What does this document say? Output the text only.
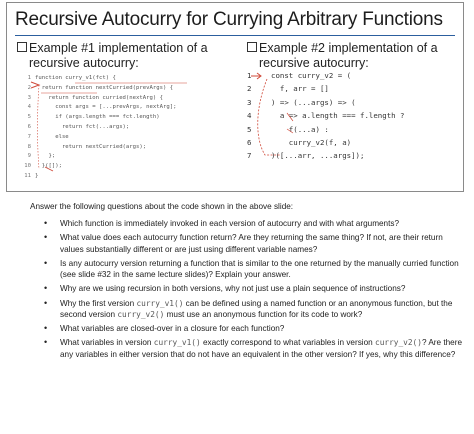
Recursive Autocurry for Currying Arbitrary Functions
Example #1 implementation of a
recursive autocurry:
Example #2 implementation of a
recursive autocurry:
1 function curry_v1(fct) {
2  return function nextCurried(prevArgs) {
3    return function curried(nextArg) {
4      const args = [...prevArgs, nextArg];
5      if (args.length === fct.length)
6        return fct(...args);
7      else
8        return nextCurried(args);
9    };
10  }([]);
11 }
1	const curry_v2 = (
2	f, arr = []
3	) => (...args) => (
4	a => a.length === f.length ?
5	f(...a) :
6	curry_v2(f, a)
7	)([...arr, ...args]);
Answer the following questions about the code shown in the above slide:
• Which function is immediately invoked in each version of autocurry and with what arguments?
• What value does each autocurry function return? Are they returning the same thing? If not, are their return values substantially different or are just using different variable names?
• Is any autocurry version returning a function that is similar to the one returned by the manually curried function (see slide #32 in the same lecture slides)? Explain your answer.
• Why are we using recursion in both versions, why not just use a plain sequence of instructions?
• Why the first version curry_v1() can be defined using a named function or an anonymous function, but the second version curry_v2() must use an anonymous function for its code to work?
• What variables are closed-over in a closure for each function?
• What variables in version curry_v1() exactly correspond to what variables in version curry_v2()? Are there any variables in either version that do not have an equivalent in the other version? If yes, why this difference?
